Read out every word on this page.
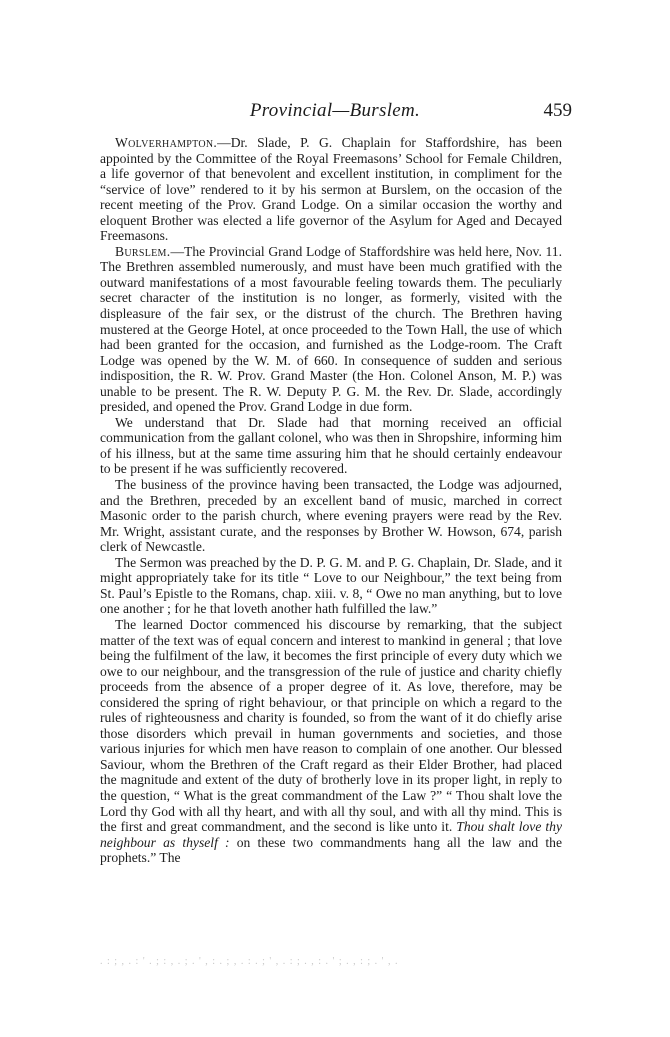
Provincial—Burslem.	459

Wolverhampton.—Dr. Slade, P. G. Chaplain for Staffordshire, has been appointed by the Committee of the Royal Freemasons’ School for Female Children, a life governor of that benevolent and excellent institution, in compliment for the “service of love” rendered to it by his sermon at Burslem, on the occasion of the recent meeting of the Prov. Grand Lodge. On a similar occasion the worthy and eloquent Brother was elected a life governor of the Asylum for Aged and Decayed Freemasons.

Burslem.—The Provincial Grand Lodge of Staffordshire was held here, Nov. 11. The Brethren assembled numerously, and must have been much gratified with the outward manifestations of a most favourable feeling towards them. The peculiarly secret character of the institution is no longer, as formerly, visited with the displeasure of the fair sex, or the distrust of the church. The Brethren having mustered at the George Hotel, at once proceeded to the Town Hall, the use of which had been granted for the occasion, and furnished as the Lodge-room. The Craft Lodge was opened by the W. M. of 660. In consequence of sudden and serious indisposition, the R. W. Prov. Grand Master (the Hon. Colonel Anson, M. P.) was unable to be present. The R. W. Deputy P. G. M. the Rev. Dr. Slade, accordingly presided, and opened the Prov. Grand Lodge in due form.

We understand that Dr. Slade had that morning received an official communication from the gallant colonel, who was then in Shropshire, informing him of his illness, but at the same time assuring him that he should certainly endeavour to be present if he was sufficiently recovered.

The business of the province having been transacted, the Lodge was adjourned, and the Brethren, preceded by an excellent band of music, marched in correct Masonic order to the parish church, where evening prayers were read by the Rev. Mr. Wright, assistant curate, and the responses by Brother W. Howson, 674, parish clerk of Newcastle.

The Sermon was preached by the D. P. G. M. and P. G. Chaplain, Dr. Slade, and it might appropriately take for its title “ Love to our Neighbour,” the text being from St. Paul’s Epistle to the Romans, chap. xiii. v. 8, “ Owe no man anything, but to love one another ; for he that loveth another hath fulfilled the law.”

The learned Doctor commenced his discourse by remarking, that the subject matter of the text was of equal concern and interest to mankind in general ; that love being the fulfilment of the law, it becomes the first principle of every duty which we owe to our neighbour, and the transgression of the rule of justice and charity chiefly proceeds from the absence of a proper degree of it. As love, therefore, may be considered the spring of right behaviour, or that principle on which a regard to the rules of righteousness and charity is founded, so from the want of it do chiefly arise those disorders which prevail in human governments and societies, and those various injuries for which men have reason to complain of one another. Our blessed Saviour, whom the Brethren of the Craft regard as their Elder Brother, had placed the magnitude and extent of the duty of brotherly love in its proper light, in reply to the question, “ What is the great commandment of the Law ?” “ Thou shalt love the Lord thy God with all thy heart, and with all thy soul, and with all thy mind. This is the first and great commandment, and the second is like unto it. Thou shalt love thy neighbour as thyself : on these two commandments hang all the law and the prophets.” The

. : ; , . : ' . ; : , . ; . ' , : . ; , . : . ; ' , . : ; . , : . ' ; . , : ; . ' , .
